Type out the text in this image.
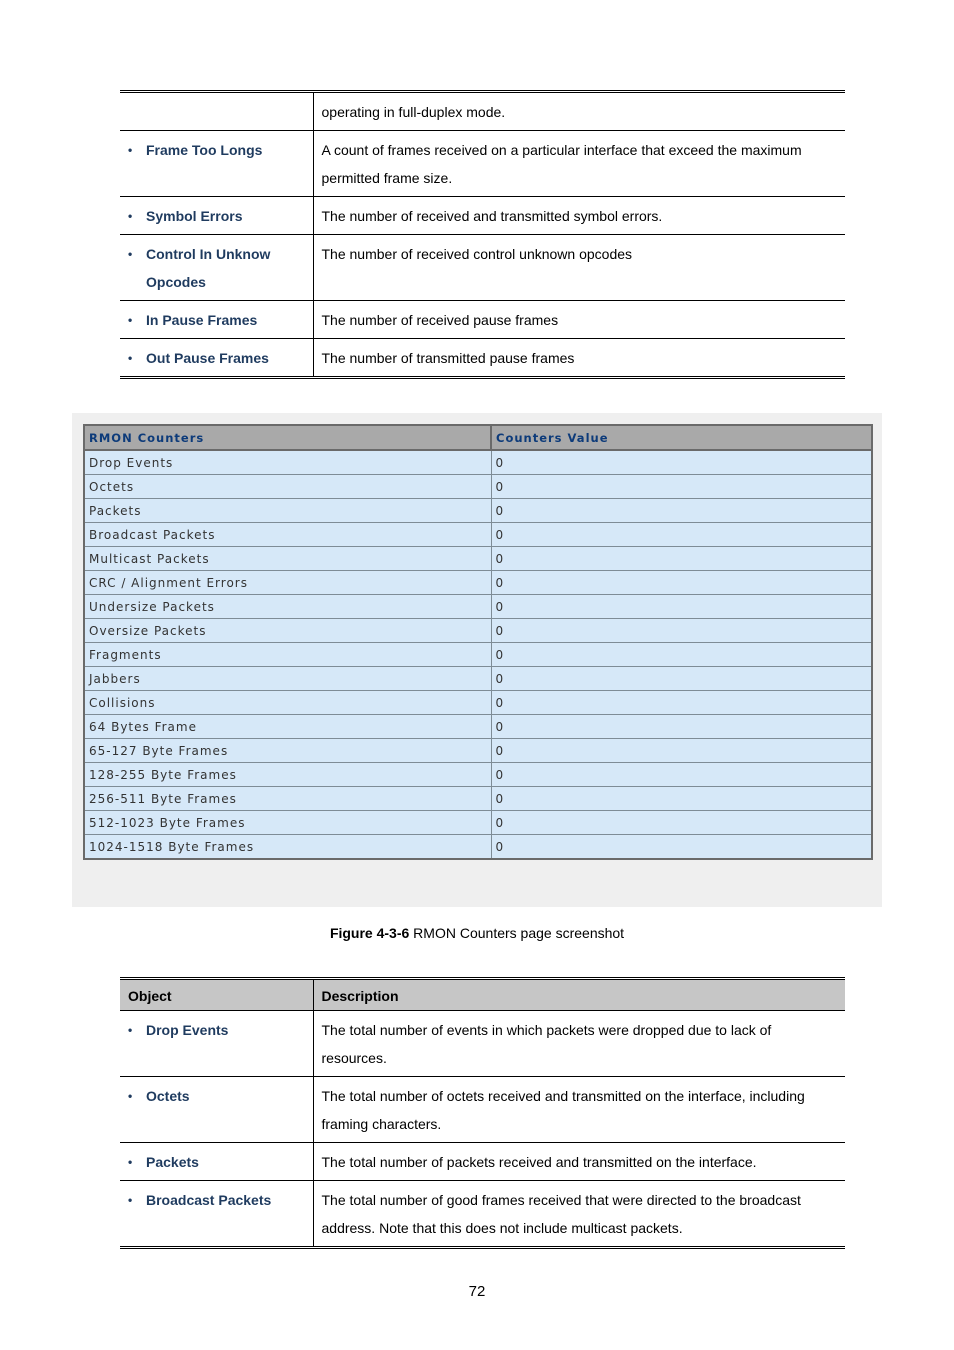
	operating in full-duplex mode.

• Frame Too Longs	A count of frames received on a particular interface that exceed the maximum permitted frame size.

• Symbol Errors	The number of received and transmitted symbol errors.

• Control In Unknow Opcodes	The number of received control unknown opcodes

• In Pause Frames	The number of received pause frames

• Out Pause Frames	The number of transmitted pause frames
RMON Counters	Counters Value
Drop Events	0
Octets	0
Packets	0
Broadcast Packets	0
Multicast Packets	0
CRC / Alignment Errors	0
Undersize Packets	0
Oversize Packets	0
Fragments	0
Jabbers	0
Collisions	0
64 Bytes Frame	0
65-127 Byte Frames	0
128-255 Byte Frames	0
256-511 Byte Frames	0
512-1023 Byte Frames	0
1024-1518 Byte Frames	0
Figure 4-3-6 RMON Counters page screenshot
Object	Description

• Drop Events	The total number of events in which packets were dropped due to lack of resources.

• Octets	The total number of octets received and transmitted on the interface, including framing characters.

• Packets	The total number of packets received and transmitted on the interface.

• Broadcast Packets	The total number of good frames received that were directed to the broadcast address. Note that this does not include multicast packets.
72
